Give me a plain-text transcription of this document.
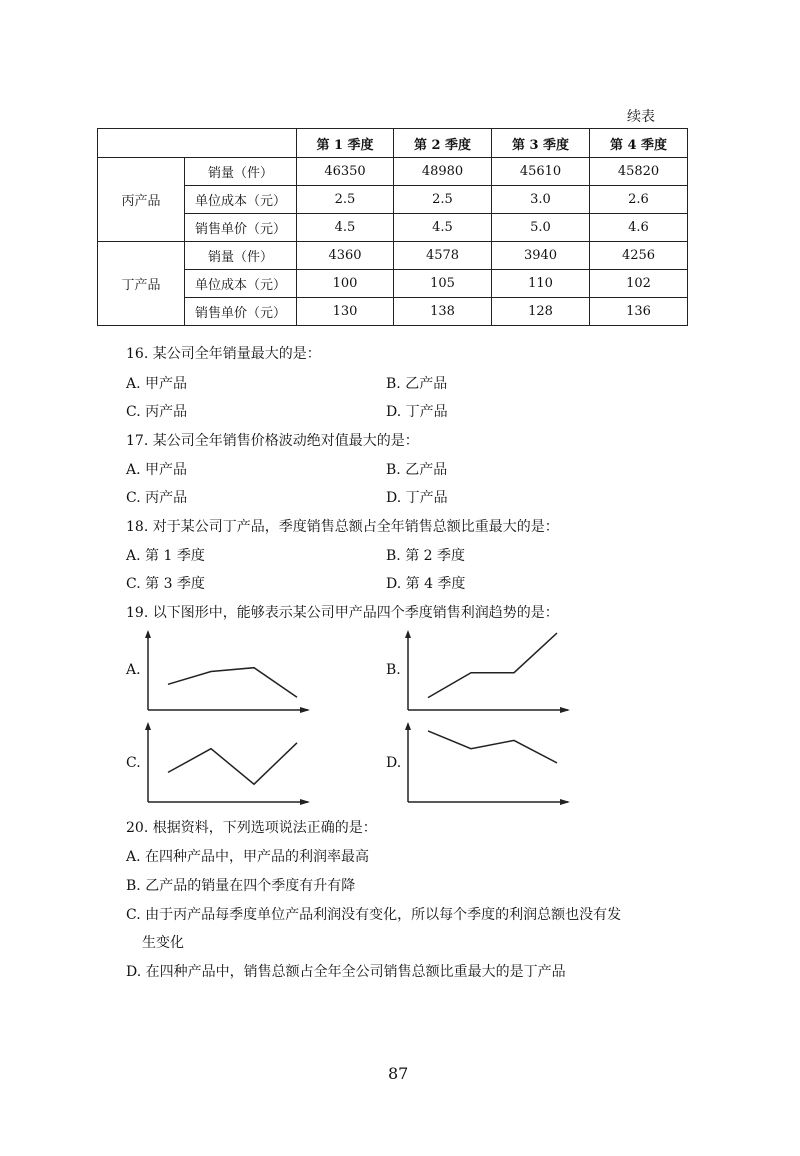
续表
		第 1 季度	第 2 季度	第 3 季度	第 4 季度
丙产品	销量（件）	46350	48980	45610	45820
	单位成本（元）	2.5	2.5	3.0	2.6
	销售单价（元）	4.5	4.5	5.0	4.6
丁产品	销量（件）	4360	4578	3940	4256
	单位成本（元）	100	105	110	102
	销售单价（元）	130	138	128	136
16. 某公司全年销量最大的是：
A. 甲产品	B. 乙产品
C. 丙产品	D. 丁产品
17. 某公司全年销售价格波动绝对值最大的是：
A. 甲产品	B. 乙产品
C. 丙产品	D. 丁产品
18. 对于某公司丁产品，季度销售总额占全年销售总额比重最大的是：
A. 第 1 季度	B. 第 2 季度
C. 第 3 季度	D. 第 4 季度
19. 以下图形中，能够表示某公司甲产品四个季度销售利润趋势的是：
A.	B.
C.	D.
20. 根据资料，下列选项说法正确的是：
A. 在四种产品中，甲产品的利润率最高
B. 乙产品的销量在四个季度有升有降
C. 由于丙产品每季度单位产品利润没有变化，所以每个季度的利润总额也没有发
生变化
D. 在四种产品中，销售总额占全年全公司销售总额比重最大的是丁产品
87
